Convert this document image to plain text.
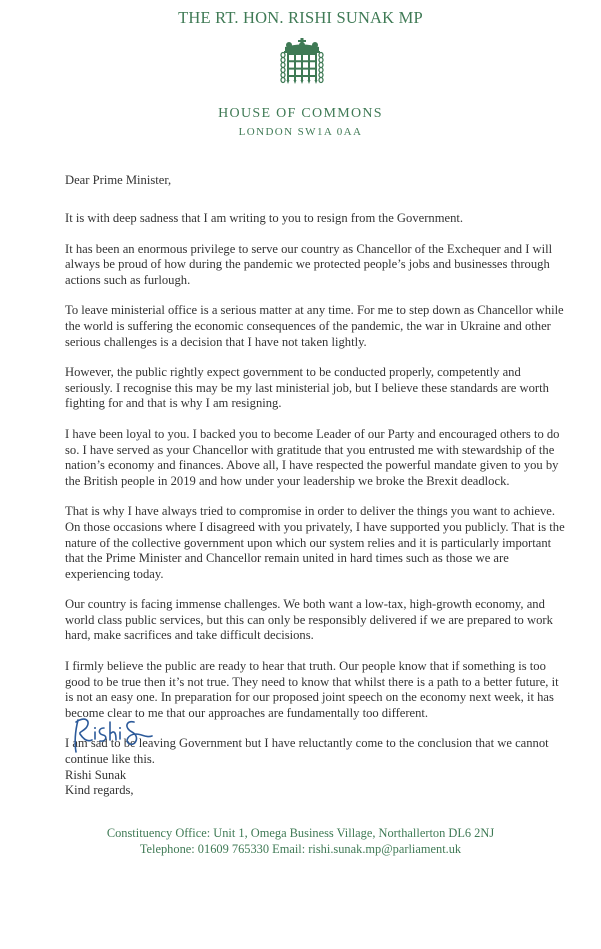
THE RT. HON. RISHI SUNAK MP
HOUSE OF COMMONS
LONDON SW1A 0AA
Dear Prime Minister,

It is with deep sadness that I am writing to you to resign from the Government.

It has been an enormous privilege to serve our country as Chancellor of the Exchequer and I will always be proud of how during the pandemic we protected people’s jobs and businesses through actions such as furlough.

To leave ministerial office is a serious matter at any time. For me to step down as Chancellor while the world is suffering the economic consequences of the pandemic, the war in Ukraine and other serious challenges is a decision that I have not taken lightly.

However, the public rightly expect government to be conducted properly, competently and seriously. I recognise this may be my last ministerial job, but I believe these standards are worth fighting for and that is why I am resigning.

I have been loyal to you. I backed you to become Leader of our Party and encouraged others to do so. I have served as your Chancellor with gratitude that you entrusted me with stewardship of the nation’s economy and finances. Above all, I have respected the powerful mandate given to you by the British people in 2019 and how under your leadership we broke the Brexit deadlock.

That is why I have always tried to compromise in order to deliver the things you want to achieve. On those occasions where I disagreed with you privately, I have supported you publicly. That is the nature of the collective government upon which our system relies and it is particularly important that the Prime Minister and Chancellor remain united in hard times such as those we are experiencing today.

Our country is facing immense challenges. We both want a low-tax, high-growth economy, and world class public services, but this can only be responsibly delivered if we are prepared to work hard, make sacrifices and take difficult decisions.

I firmly believe the public are ready to hear that truth. Our people know that if something is too good to be true then it’s not true. They need to know that whilst there is a path to a better future, it is not an easy one. In preparation for our proposed joint speech on the economy next week, it has become clear to me that our approaches are fundamentally too different.

I am sad to be leaving Government but I have reluctantly come to the conclusion that we cannot continue like this.

Kind regards,

Rishi Sunak
Constituency Office: Unit 1, Omega Business Village, Northallerton DL6 2NJ
Telephone: 01609 765330 Email: rishi.sunak.mp@parliament.uk
